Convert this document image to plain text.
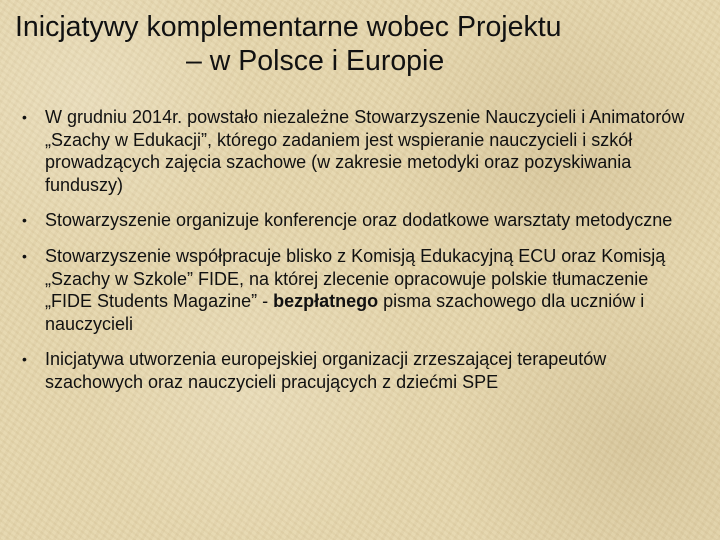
Inicjatywy komplementarne wobec Projektu
– w Polsce i Europie
• W grudniu 2014r. powstało niezależne Stowarzyszenie Nauczycieli i Animatorów „Szachy w Edukacji”, którego zadaniem jest wspieranie nauczycieli i szkół prowadzących zajęcia szachowe (w zakresie metodyki oraz pozyskiwania funduszy)
• Stowarzyszenie organizuje konferencje oraz dodatkowe warsztaty metodyczne
• Stowarzyszenie współpracuje blisko z Komisją Edukacyjną ECU oraz Komisją „Szachy w Szkole” FIDE, na której zlecenie opracowuje polskie tłumaczenie „FIDE Students Magazine” - bezpłatnego pisma szachowego dla uczniów i nauczycieli
• Inicjatywa utworzenia europejskiej organizacji zrzeszającej terapeutów szachowych oraz nauczycieli pracujących z dziećmi SPE
